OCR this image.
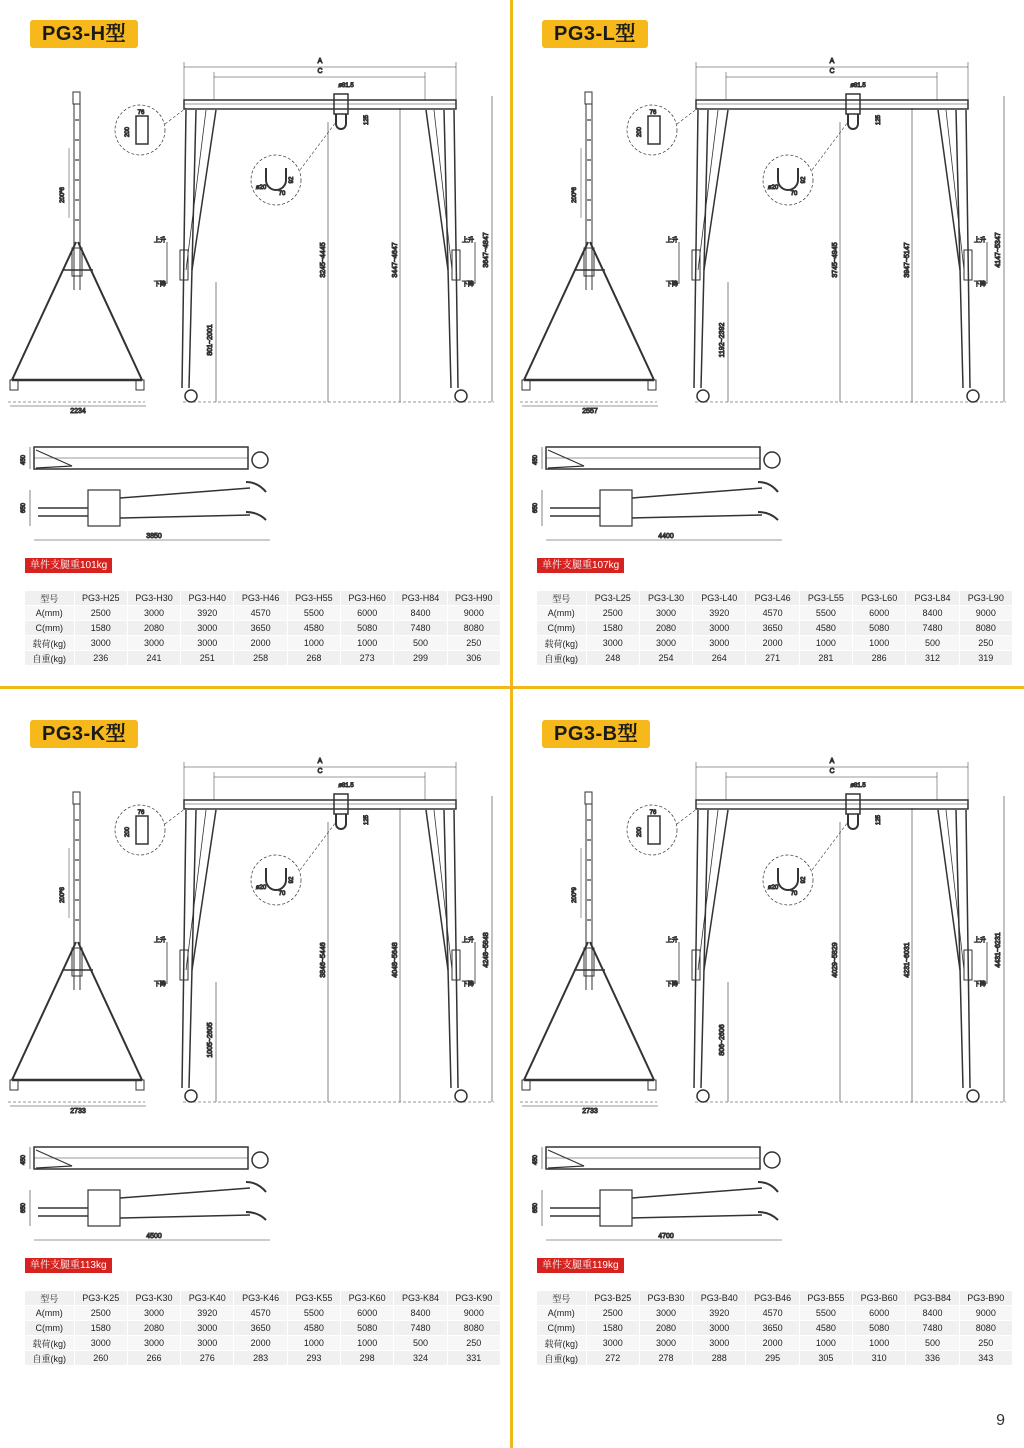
PG3-H型
200*6
2234
200
76
ø20
70
92
A
C
ø81.5
125
上升
下降
上升
下降
801~2001
3245~4445	3447~4647	3647~4847
450
650
3850
单件支腿重101kg
型号	PG3-H25	PG3-H30	PG3-H40	PG3-H46	PG3-H55	PG3-H60	PG3-H84	PG3-H90
A(mm)	2500	3000	3920	4570	5500	6000	8400	9000
C(mm)	1580	2080	3000	3650	4580	5080	7480	8080
载荷(kg)	3000	3000	3000	2000	1000	1000	500	250
自重(kg)	236	241	251	258	268	273	299	306
PG3-L型
200*6
2557
200
76
ø20
70
92
A
C
ø81.5
125
上升
下降
上升
下降
1192~2392
3745~4945	3947~5147	4147~5347
450
650
4400
单件支腿重107kg
型号	PG3-L25	PG3-L30	PG3-L40	PG3-L46	PG3-L55	PG3-L60	PG3-L84	PG3-L90
A(mm)	2500	3000	3920	4570	5500	6000	8400	9000
C(mm)	1580	2080	3000	3650	4580	5080	7480	8080
载荷(kg)	3000	3000	3000	2000	1000	1000	500	250
自重(kg)	248	254	264	271	281	286	312	319
PG3-K型
200*8
2733
200
76
ø20
70
92
A
C
ø81.5
125
上升
下降
上升
下降
1005~2605
3846~5446	4048~5648	4248~5848
450
650
4500
单件支腿重113kg
型号	PG3-K25	PG3-K30	PG3-K40	PG3-K46	PG3-K55	PG3-K60	PG3-K84	PG3-K90
A(mm)	2500	3000	3920	4570	5500	6000	8400	9000
C(mm)	1580	2080	3000	3650	4580	5080	7480	8080
载荷(kg)	3000	3000	3000	2000	1000	1000	500	250
自重(kg)	260	266	276	283	293	298	324	331
PG3-B型
200*9
2733
200
76
ø20
70
92
A
C
ø81.5
125
上升
下降
上升
下降
806~2606
4029~5829	4231~6031	4431~6231
450
650
4700
单件支腿重119kg
型号	PG3-B25	PG3-B30	PG3-B40	PG3-B46	PG3-B55	PG3-B60	PG3-B84	PG3-B90
A(mm)	2500	3000	3920	4570	5500	6000	8400	9000
C(mm)	1580	2080	3000	3650	4580	5080	7480	8080
载荷(kg)	3000	3000	3000	2000	1000	1000	500	250
自重(kg)	272	278	288	295	305	310	336	343
9
